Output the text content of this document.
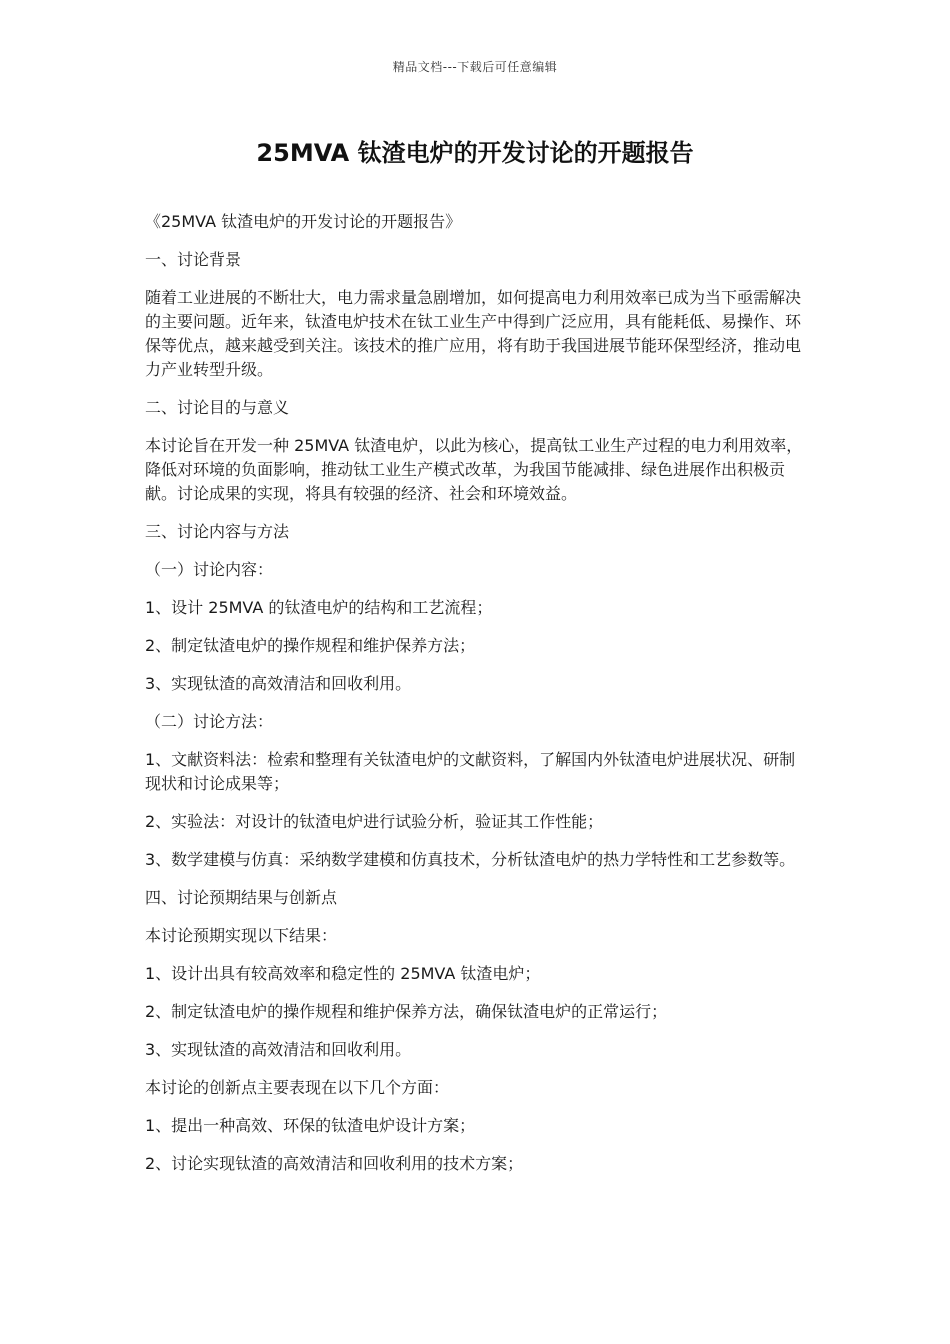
精品文档---下载后可任意编辑
25MVA 钛渣电炉的开发讨论的开题报告

《25MVA 钛渣电炉的开发讨论的开题报告》

一、讨论背景

随着工业进展的不断壮大，电力需求量急剧增加，如何提高电力利用效率已成为当下亟需解决的主要问题。近年来，钛渣电炉技术在钛工业生产中得到广泛应用，具有能耗低、易操作、环保等优点，越来越受到关注。该技术的推广应用，将有助于我国进展节能环保型经济，推动电力产业转型升级。

二、讨论目的与意义

本讨论旨在开发一种 25MVA 钛渣电炉，以此为核心，提高钛工业生产过程的电力利用效率，降低对环境的负面影响，推动钛工业生产模式改革，为我国节能减排、绿色进展作出积极贡献。讨论成果的实现，将具有较强的经济、社会和环境效益。

三、讨论内容与方法

（一）讨论内容：

1、设计 25MVA 的钛渣电炉的结构和工艺流程；

2、制定钛渣电炉的操作规程和维护保养方法；

3、实现钛渣的高效清洁和回收利用。

（二）讨论方法：

1、文献资料法：检索和整理有关钛渣电炉的文献资料，了解国内外钛渣电炉进展状况、研制现状和讨论成果等；

2、实验法：对设计的钛渣电炉进行试验分析，验证其工作性能；

3、数学建模与仿真：采纳数学建模和仿真技术，分析钛渣电炉的热力学特性和工艺参数等。

四、讨论预期结果与创新点

本讨论预期实现以下结果：

1、设计出具有较高效率和稳定性的 25MVA 钛渣电炉；

2、制定钛渣电炉的操作规程和维护保养方法，确保钛渣电炉的正常运行；

3、实现钛渣的高效清洁和回收利用。

本讨论的创新点主要表现在以下几个方面：

1、提出一种高效、环保的钛渣电炉设计方案；

2、讨论实现钛渣的高效清洁和回收利用的技术方案；
